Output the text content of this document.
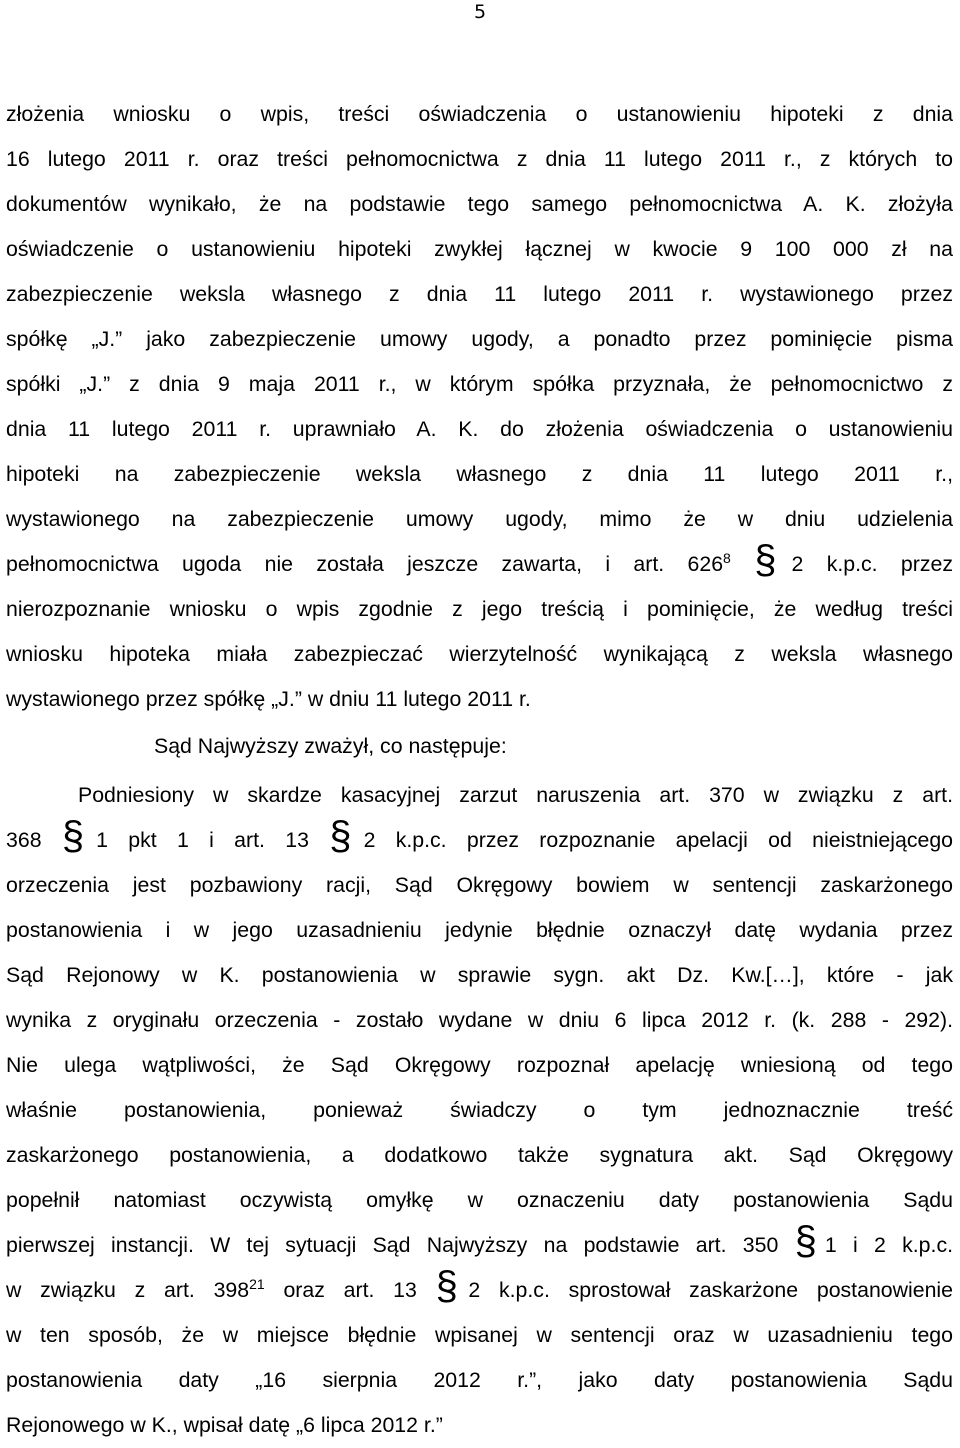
5
złożenia wniosku o wpis, treści oświadczenia o ustanowieniu hipoteki z dnia
16 lutego 2011 r. oraz treści pełnomocnictwa z dnia 11 lutego 2011 r., z których to
dokumentów wynikało, że na podstawie tego samego pełnomocnictwa A. K. złożyła
oświadczenie o ustanowieniu hipoteki zwykłej łącznej w kwocie 9 100 000 zł na
zabezpieczenie weksla własnego z dnia 11 lutego 2011 r. wystawionego przez
spółkę „J.” jako zabezpieczenie umowy ugody, a ponadto przez pominięcie pisma
spółki „J.” z dnia 9 maja 2011 r., w którym spółka przyznała, że pełnomocnictwo z
dnia 11 lutego 2011 r. uprawniało A. K. do złożenia oświadczenia o ustanowieniu
hipoteki na zabezpieczenie weksla własnego z dnia 11 lutego 2011 r.,
wystawionego na zabezpieczenie umowy ugody, mimo że w dniu udzielenia
pełnomocnictwa ugoda nie została jeszcze zawarta, i art. $626^8$ §
2 k.p.c. przez
nierozpoznanie wniosku o wpis zgodnie z jego treścią i pominięcie, że według treści
wniosku hipoteka miała zabezpieczać wierzytelność wynikającą z weksla własnego
wystawionego przez spółkę „J.” w dniu 11 lutego 2011 r.
Sąd Najwyższy zważył, co następuje:
Podniesiony w skardze kasacyjnej zarzut naruszenia art. 370 w związku z art.
368 §
1 pkt 1 i art. 13 §
2 k.p.c. przez rozpoznanie apelacji od nieistniejącego
orzeczenia jest pozbawiony racji, Sąd Okręgowy bowiem w sentencji zaskarżonego
postanowienia i w jego uzasadnieniu jedynie błędnie oznaczył datę wydania przez
Sąd Rejonowy w K. postanowienia w sprawie sygn. akt Dz. Kw.[…], które - jak
wynika z oryginału orzeczenia - zostało wydane w dniu 6 lipca 2012 r. (k. 288 - 292).
Nie ulega wątpliwości, że Sąd Okręgowy rozpoznał apelację wniesioną od tego
właśnie postanowienia, ponieważ świadczy o tym jednoznacznie treść
zaskarżonego postanowienia, a dodatkowo także sygnatura akt. Sąd Okręgowy
popełnił natomiast oczywistą omyłkę w oznaczeniu daty postanowienia Sądu
pierwszej instancji. W tej sytuacji Sąd Najwyższy na podstawie art. 350 §
1 i 2 k.p.c.
w związku z art. $398^{21}$ oraz art. 13 §
2 k.p.c. sprostował zaskarżone postanowienie
w ten sposób, że w miejsce błędnie wpisanej w sentencji oraz w uzasadnieniu tego
postanowienia daty „16 sierpnia 2012 r.”, jako daty postanowienia Sądu
Rejonowego w K., wpisał datę „6 lipca 2012 r.”
